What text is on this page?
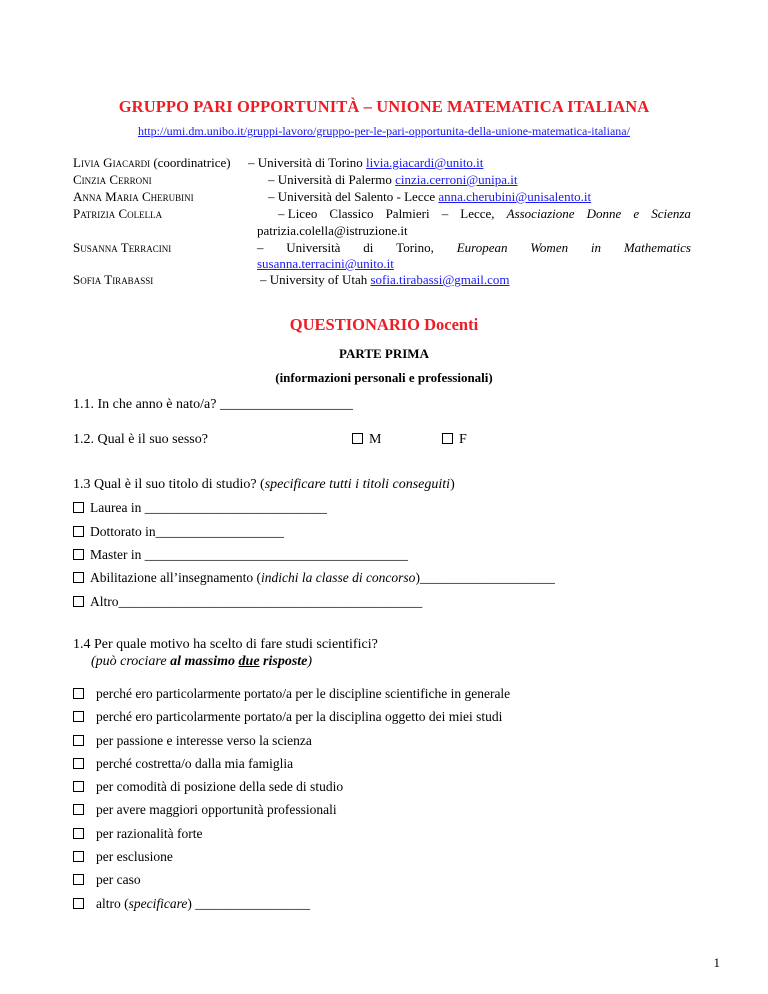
GRUPPO PARI OPPORTUNITÀ – UNIONE MATEMATICA ITALIANA
http://umi.dm.unibo.it/gruppi-lavoro/gruppo-per-le-pari-opportunita-della-unione-matematica-italiana/
Livia Giacardi (coordinatrice) – Università di Torino livia.giacardi@unito.it
Cinzia Cerroni	– Università di Palermo cinzia.cerroni@unipa.it
Anna Maria Cherubini	– Università del Salento - Lecce anna.cherubini@unisalento.it
Patrizia Colella	– Liceo Classico Palmieri – Lecce, Associazione Donne e Scienza
patrizia.colella@istruzione.it
Susanna Terracini	– Università di Torino, European Women in Mathematics
susanna.terracini@unito.it
Sofia Tirabassi	– University of Utah sofia.tirabassi@gmail.com
QUESTIONARIO Docenti
PARTE PRIMA
(informazioni personali e professionali)
1.1. In che anno è nato/a? ___________________
1.2. Qual è il suo sesso?	M	F
1.3 Qual è il suo titolo di studio? (specificare tutti i titoli conseguiti)
Laurea in ___________________________
Dottorato in___________________
Master in _______________________________________
Abilitazione all’insegnamento (indichi la classe di concorso)____________________
Altro_____________________________________________
1.4 Per quale motivo ha scelto di fare studi scientifici?
(può crociare al massimo due risposte)
perché ero particolarmente portato/a per le discipline scientifiche in generale
perché ero particolarmente portato/a per la disciplina oggetto dei miei studi
per passione e interesse verso la scienza
perché costretta/o dalla mia famiglia
per comodità di posizione della sede di studio
per avere maggiori opportunità professionali
per razionalità forte
per esclusione
per caso
altro (specificare) _________________
1
